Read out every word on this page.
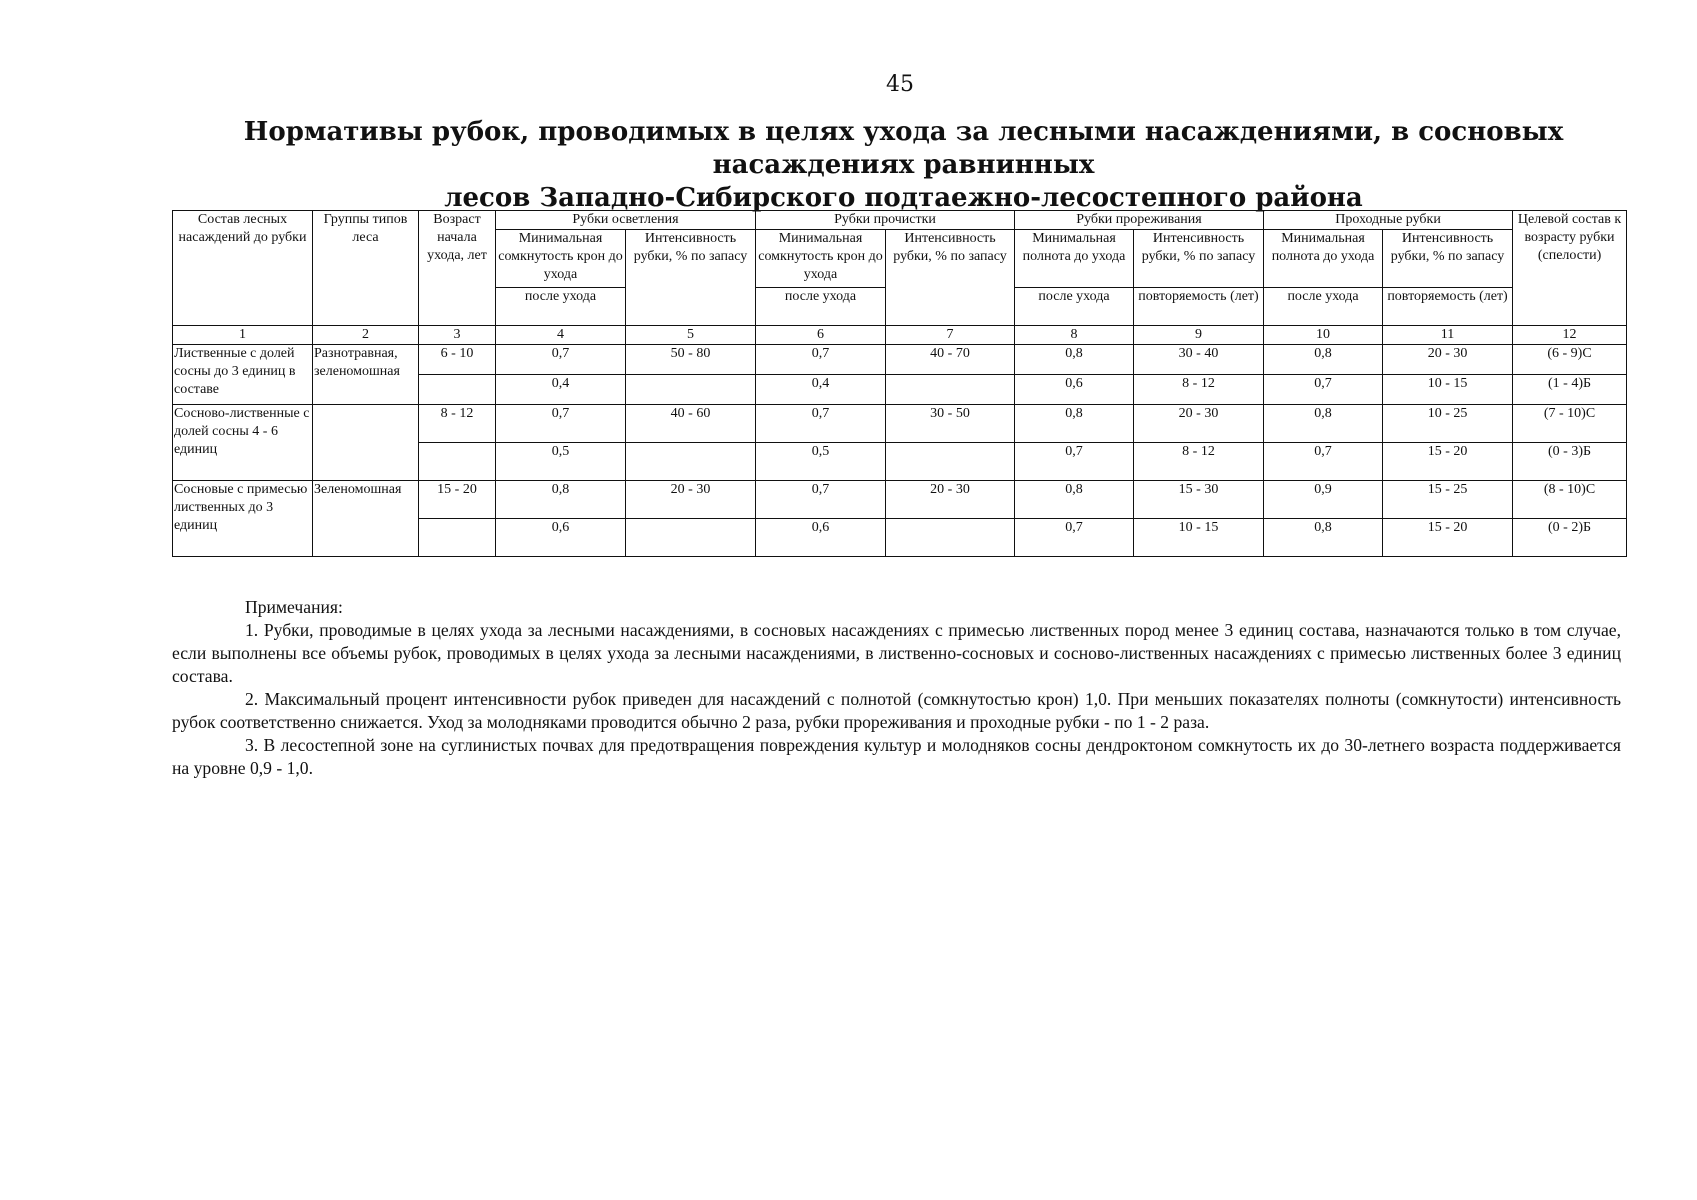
45
Нормативы рубок, проводимых в целях ухода за лесными насаждениями, в сосновых насаждениях равнинных
лесов Западно-Сибирского подтаежно-лесостепного района
Состав лесных насаждений до рубки	Группы типов леса	Возраст начала ухода, лет	Рубки осветления		Рубки прочистки		Рубки прореживания		Проходные рубки		Целевой состав к возрасту рубки (спелости)
			Минимальная сомкнутость крон до ухода	Интенсивность рубки, % по запасу	Минимальная сомкнутость крон до ухода	Интенсивность рубки, % по запасу	Минимальная полнота до ухода	Интенсивность рубки, % по запасу	Минимальная полнота до ухода	Интенсивность рубки, % по запасу	
			после ухода		после ухода		после ухода	повторяемость (лет)	после ухода	повторяемость (лет)	
1	2	3	4	5	6	7	8	9	10	11	12
Лиственные с долей сосны до 3 единиц в составе	Разнотравная, зеленомошная	6 - 10	0,7	50 - 80	0,7	40 - 70	0,8	30 - 40	0,8	20 - 30	(6 - 9)С
			0,4		0,4		0,6	8 - 12	0,7	10 - 15	(1 - 4)Б
Сосново-лиственные с долей сосны 4 - 6 единиц		8 - 12	0,7	40 - 60	0,7	30 - 50	0,8	20 - 30	0,8	10 - 25	(7 - 10)С
			0,5		0,5		0,7	8 - 12	0,7	15 - 20	(0 - 3)Б
Сосновые с примесью лиственных до 3 единиц	Зеленомошная	15 - 20	0,8	20 - 30	0,7	20 - 30	0,8	15 - 30	0,9	15 - 25	(8 - 10)С
			0,6		0,6		0,7	10 - 15	0,8	15 - 20	(0 - 2)Б

Примечания:

1. Рубки, проводимые в целях ухода за лесными насаждениями, в сосновых насаждениях с примесью лиственных пород менее 3 единиц состава, назначаются только в том случае, если выполнены все объемы рубок, проводимых в целях ухода за лесными насаждениями, в лиственно-сосновых и сосново-лиственных насаждениях с примесью лиственных более 3 единиц состава.

2. Максимальный процент интенсивности рубок приведен для насаждений с полнотой (сомкнутостью крон) 1,0. При меньших показателях полноты (сомкнутости) интенсивность рубок соответственно снижается. Уход за молодняками проводится обычно 2 раза, рубки прореживания и проходные рубки - по 1 - 2 раза.

3. В лесостепной зоне на суглинистых почвах для предотвращения повреждения культур и молодняков сосны дендроктоном сомкнутость их до 30-летнего возраста поддерживается на уровне 0,9 - 1,0.
